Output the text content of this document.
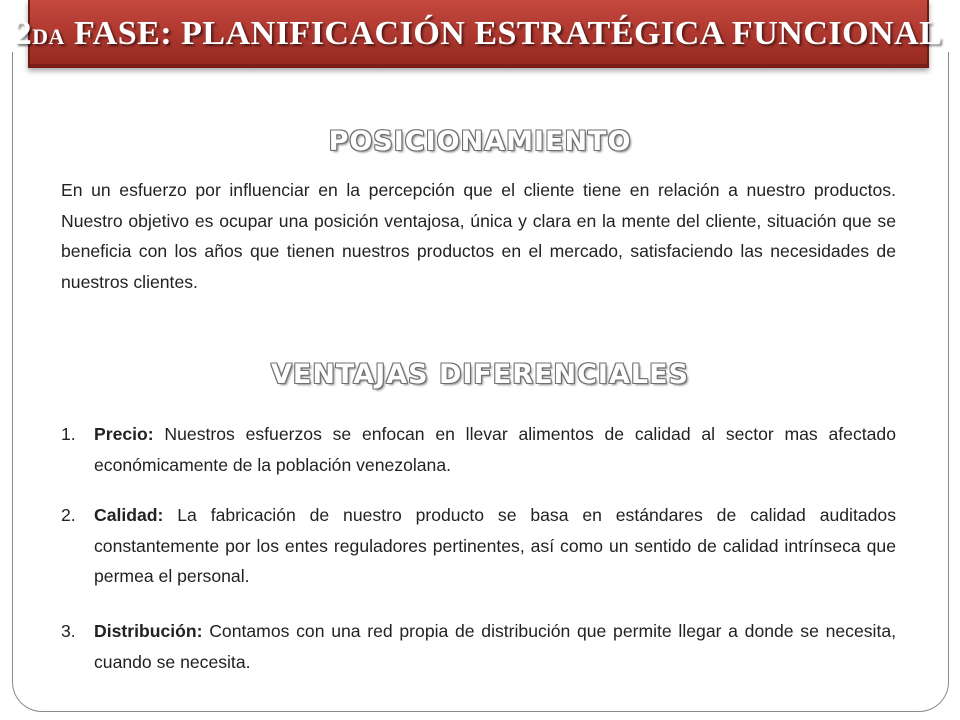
2DA FASE: PLANIFICACIÓN ESTRATÉGICA FUNCIONAL
POSICIONAMIENTO

En un esfuerzo por influenciar en la percepción que el cliente tiene en relación a nuestro productos. Nuestro objetivo es ocupar una posición ventajosa, única y clara en la mente del cliente, situación que se beneficia con los años que tienen nuestros productos en el mercado, satisfaciendo las necesidades de nuestros clientes.

VENTAJAS DIFERENCIALES

1. Precio: Nuestros esfuerzos se enfocan en llevar alimentos de calidad al sector mas afectado económicamente de la población venezolana.

2. Calidad: La fabricación de nuestro producto se basa en estándares de calidad auditados constantemente por los entes reguladores pertinentes, así como un sentido de calidad intrínseca que permea el personal.

3. Distribución: Contamos con una red propia de distribución que permite llegar a donde se necesita, cuando se necesita.
